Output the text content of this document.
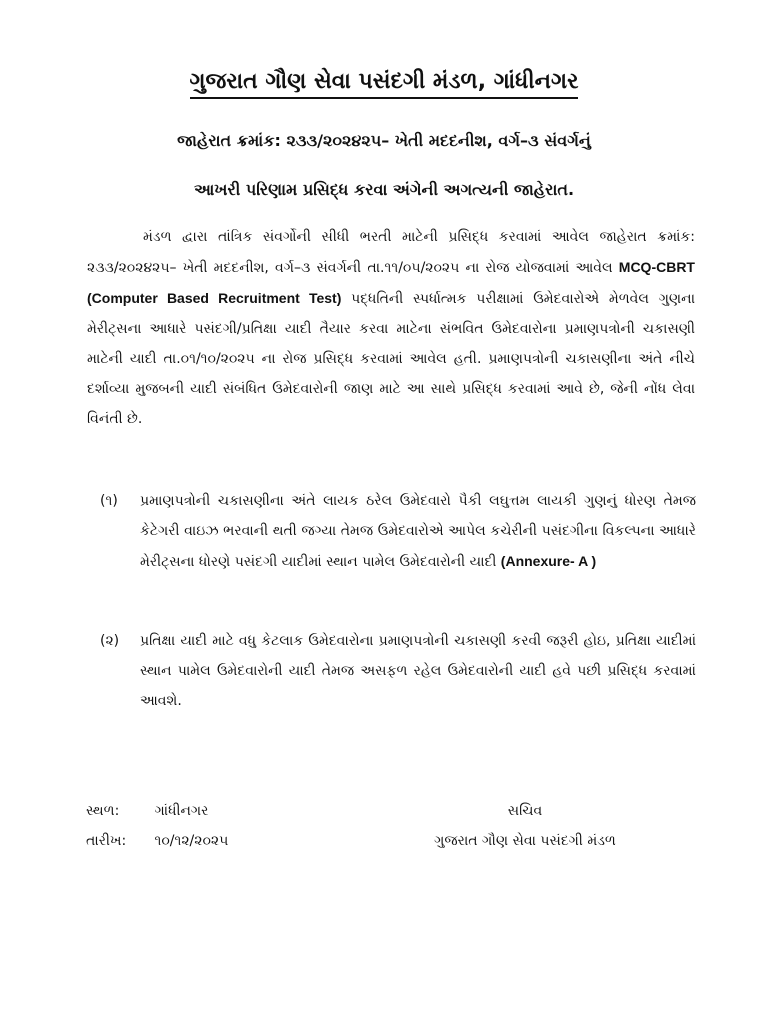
ગુજરાત ગૌણ સેવા પસંદગી મંડળ, ગાંધીનગર
જાહેરાત ક્રમાંક: ૨૩૩/૨૦૨૪૨૫– ખેતી મદદનીશ, વર્ગ–૩ સંવર્ગનું
આખરી પરિણામ પ્રસિદ્ધ કરવા અંગેની અગત્યની જાહેરાત.
મંડળ દ્વારા તાંત્રિક સંવર્ગોની સીધી ભરતી માટેની પ્રસિદ્ધ કરવામાં આવેલ જાહેરાત ક્રમાંક: ૨૩૩/૨૦૨૪૨૫– ખેતી મદદનીશ, વર્ગ–૩ સંવર્ગની તા.૧૧/૦૫/૨૦૨૫ ના રોજ યોજવામાં આવેલ MCQ-CBRT (Computer Based Recruitment Test) પદ્ધતિની સ્પર્ધાત્મક પરીક્ષામાં ઉમેદવારોએ મેળવેલ ગુણના મેરીટ્સના આધારે પસંદગી/પ્રતિક્ષા યાદી તૈયાર કરવા માટેના સંભવિત ઉમેદવારોના પ્રમાણપત્રોની ચકાસણી માટેની યાદી તા.૦૧/૧૦/૨૦૨૫ ના રોજ પ્રસિદ્ધ કરવામાં આવેલ હતી. પ્રમાણપત્રોની ચકાસણીના અંતે નીચે દર્શાવ્યા મુજબની યાદી સંબંધિત ઉમેદવારોની જાણ માટે આ સાથે પ્રસિદ્ધ કરવામાં આવે છે, જેની નોંધ લેવા વિનંતી છે.
(૧)	પ્રમાણપત્રોની ચકાસણીના અંતે લાયક ઠરેલ ઉમેદવારો પૈકી લઘુત્તમ લાયકી ગુણનું ધોરણ તેમજ કેટેગરી વાઇઝ ભરવાની થતી જગ્યા તેમજ ઉમેદવારોએ આપેલ કચેરીની પસંદગીના વિકલ્પના આધારે મેરીટ્સના ધોરણે પસંદગી યાદીમાં સ્થાન પામેલ ઉમેદવારોની યાદી (Annexure- A )
(૨)	પ્રતિક્ષા યાદી માટે વધુ કેટલાક ઉમેદવારોના પ્રમાણપત્રોની ચકાસણી કરવી જરૂરી હોઇ, પ્રતિક્ષા યાદીમાં સ્થાન પામેલ ઉમેદવારોની યાદી તેમજ અસફળ રહેલ ઉમેદવારોની યાદી હવે પછી પ્રસિદ્ધ કરવામાં આવશે.
સ્થળ:	ગાંધીનગર
તારીખ: ૧૦/૧૨/૨૦૨૫
સચિવ
ગુજરાત ગૌણ સેવા પસંદગી મંડળ
